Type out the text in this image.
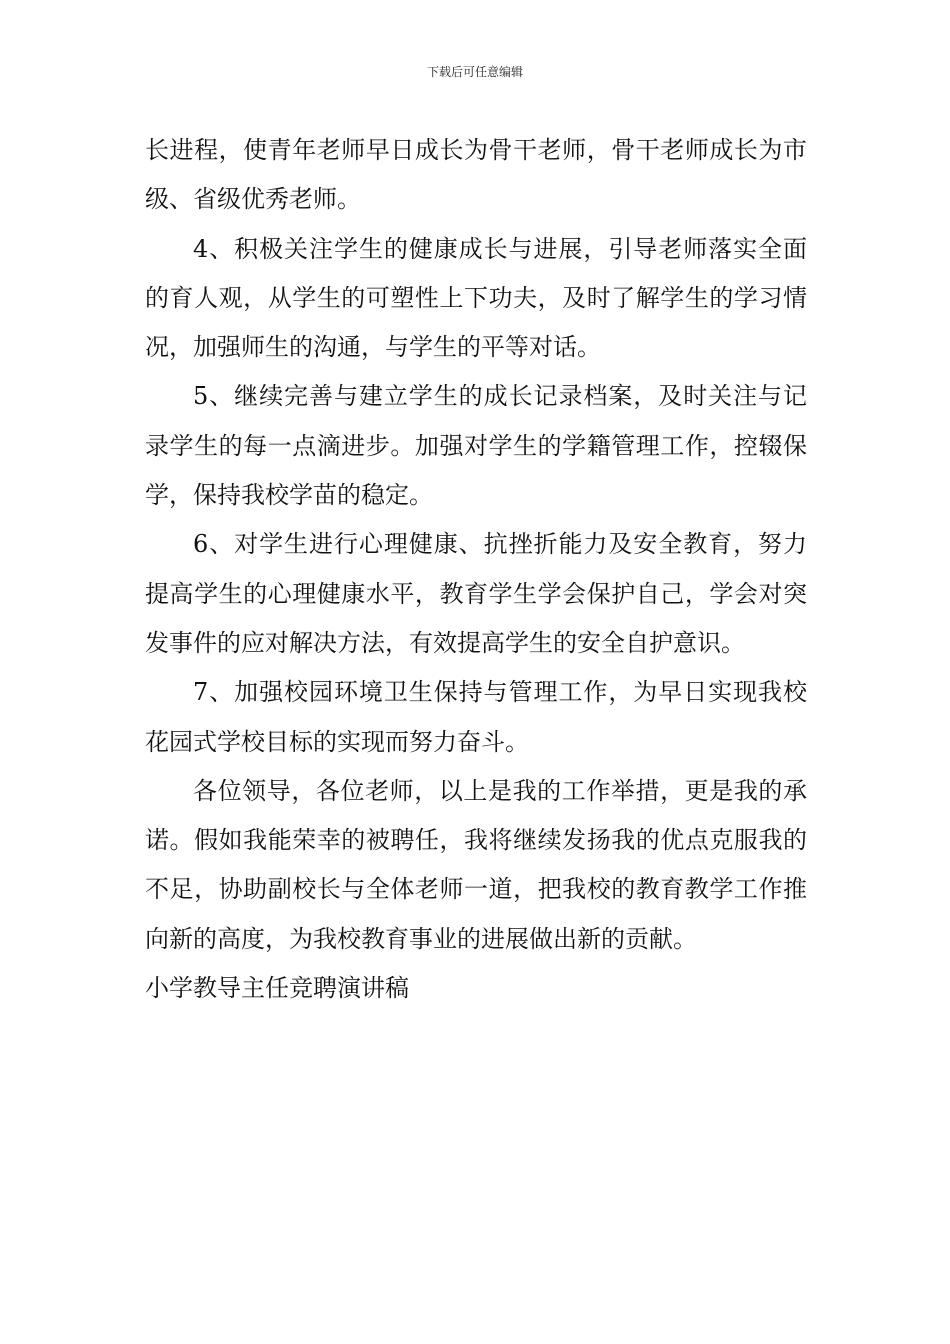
下载后可任意编辑

长进程，使青年老师早日成长为骨干老师，骨干老师成长为市级、省级优秀老师。

4、积极关注学生的健康成长与进展，引导老师落实全面的育人观，从学生的可塑性上下功夫，及时了解学生的学习情况，加强师生的沟通，与学生的平等对话。

5、继续完善与建立学生的成长记录档案，及时关注与记录学生的每一点滴进步。加强对学生的学籍管理工作，控辍保学，保持我校学苗的稳定。

6、对学生进行心理健康、抗挫折能力及安全教育，努力提高学生的心理健康水平，教育学生学会保护自己，学会对突发事件的应对解决方法，有效提高学生的安全自护意识。

7、加强校园环境卫生保持与管理工作，为早日实现我校花园式学校目标的实现而努力奋斗。

各位领导，各位老师，以上是我的工作举措，更是我的承诺。假如我能荣幸的被聘任，我将继续发扬我的优点克服我的不足，协助副校长与全体老师一道，把我校的教育教学工作推向新的高度，为我校教育事业的进展做出新的贡献。

小学教导主任竞聘演讲稿
